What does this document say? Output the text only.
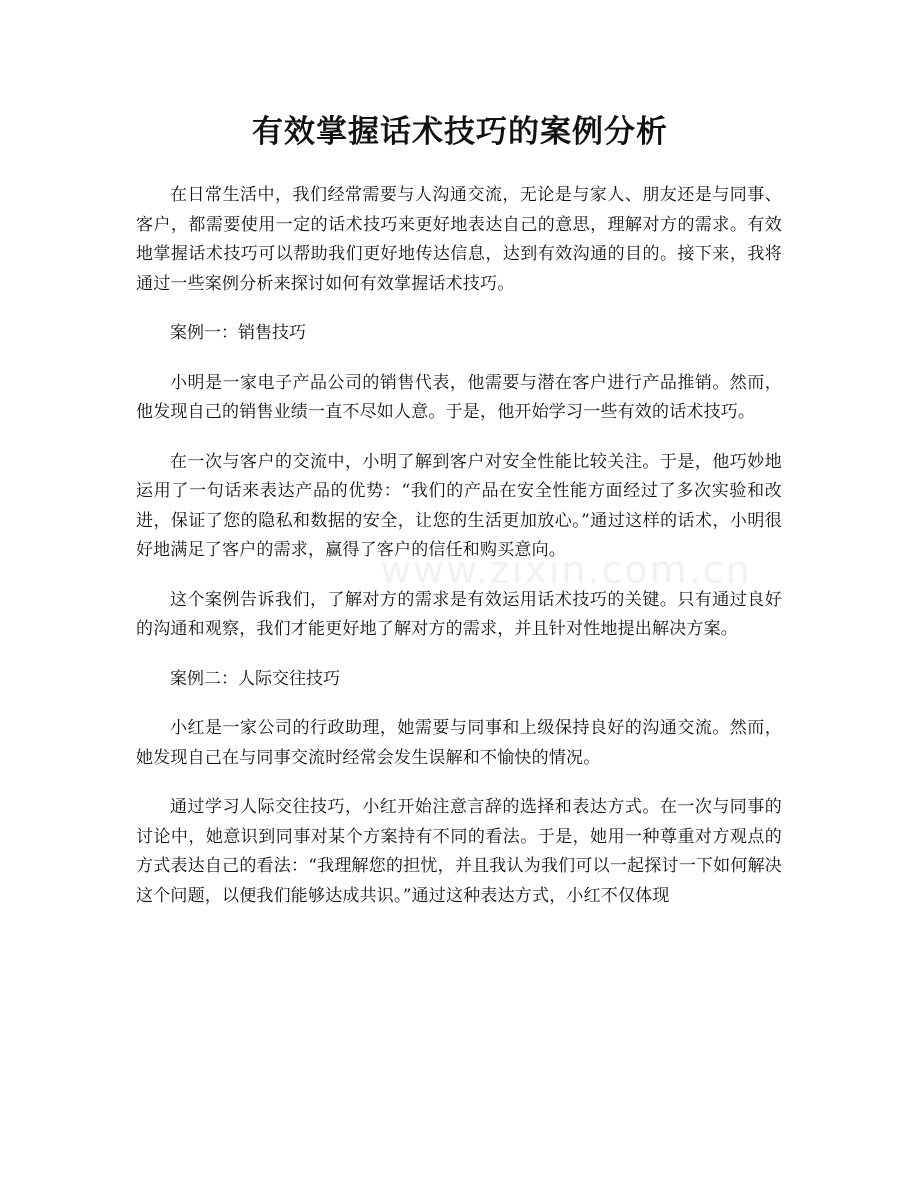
有效掌握话术技巧的案例分析
www.zixin.com.cn

在日常生活中，我们经常需要与人沟通交流，无论是与家人、朋友还是与同事、客户，都需要使用一定的话术技巧来更好地表达自己的意思，理解对方的需求。有效地掌握话术技巧可以帮助我们更好地传达信息，达到有效沟通的目的。接下来，我将通过一些案例分析来探讨如何有效掌握话术技巧。

案例一：销售技巧

小明是一家电子产品公司的销售代表，他需要与潜在客户进行产品推销。然而，他发现自己的销售业绩一直不尽如人意。于是，他开始学习一些有效的话术技巧。

在一次与客户的交流中，小明了解到客户对安全性能比较关注。于是，他巧妙地运用了一句话来表达产品的优势：“我们的产品在安全性能方面经过了多次实验和改进，保证了您的隐私和数据的安全，让您的生活更加放心。”通过这样的话术，小明很好地满足了客户的需求，赢得了客户的信任和购买意向。

这个案例告诉我们，了解对方的需求是有效运用话术技巧的关键。只有通过良好的沟通和观察，我们才能更好地了解对方的需求，并且针对性地提出解决方案。

案例二：人际交往技巧

小红是一家公司的行政助理，她需要与同事和上级保持良好的沟通交流。然而，她发现自己在与同事交流时经常会发生误解和不愉快的情况。

通过学习人际交往技巧，小红开始注意言辞的选择和表达方式。在一次与同事的讨论中，她意识到同事对某个方案持有不同的看法。于是，她用一种尊重对方观点的方式表达自己的看法：“我理解您的担忧，并且我认为我们可以一起探讨一下如何解决这个问题，以便我们能够达成共识。”通过这种表达方式，小红不仅体现
